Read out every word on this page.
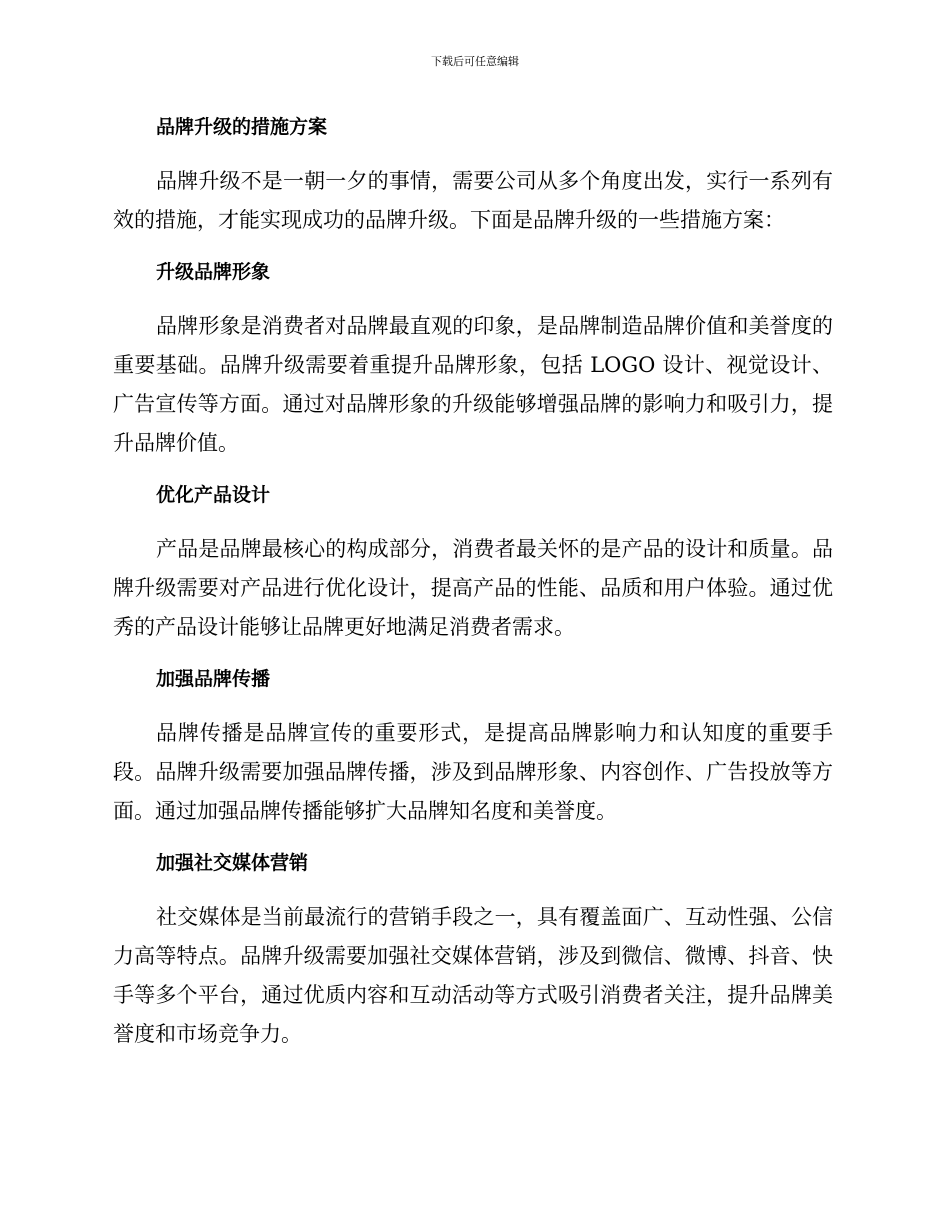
下载后可任意编辑
品牌升级的措施方案

品牌升级不是一朝一夕的事情，需要公司从多个角度出发，实行一系列有效的措施，才能实现成功的品牌升级。下面是品牌升级的一些措施方案：

升级品牌形象

品牌形象是消费者对品牌最直观的印象，是品牌制造品牌价值和美誉度的重要基础。品牌升级需要着重提升品牌形象，包括 LOGO 设计、视觉设计、广告宣传等方面。通过对品牌形象的升级能够增强品牌的影响力和吸引力，提升品牌价值。

优化产品设计

产品是品牌最核心的构成部分，消费者最关怀的是产品的设计和质量。品牌升级需要对产品进行优化设计，提高产品的性能、品质和用户体验。通过优秀的产品设计能够让品牌更好地满足消费者需求。

加强品牌传播

品牌传播是品牌宣传的重要形式，是提高品牌影响力和认知度的重要手段。品牌升级需要加强品牌传播，涉及到品牌形象、内容创作、广告投放等方面。通过加强品牌传播能够扩大品牌知名度和美誉度。

加强社交媒体营销

社交媒体是当前最流行的营销手段之一，具有覆盖面广、互动性强、公信力高等特点。品牌升级需要加强社交媒体营销，涉及到微信、微博、抖音、快手等多个平台，通过优质内容和互动活动等方式吸引消费者关注，提升品牌美誉度和市场竞争力。
